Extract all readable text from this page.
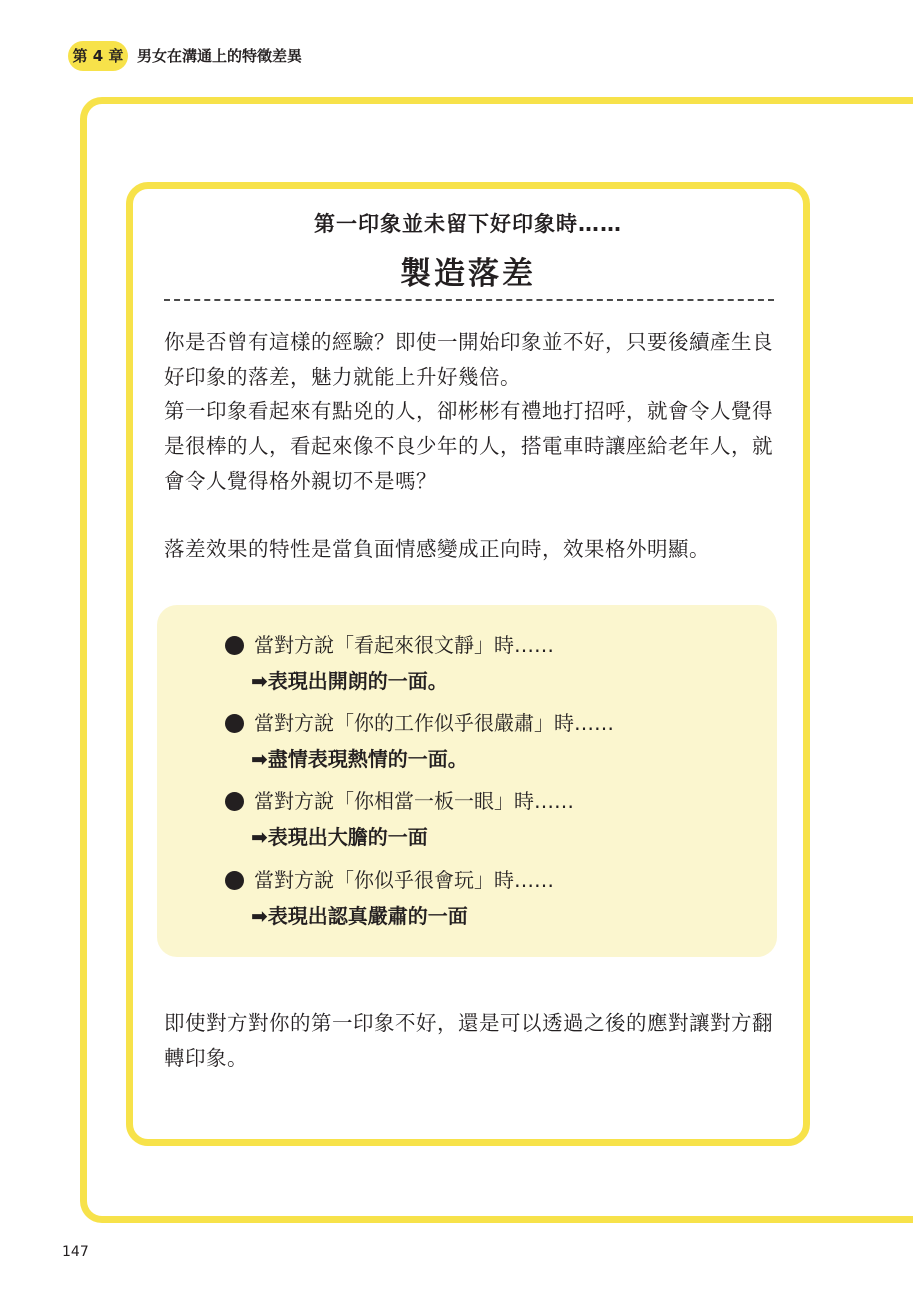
第 4 章 男女在溝通上的特徵差異
第一印象並未留下好印象時……
製造落差

你是否曾有這樣的經驗？即使一開始印象並不好，只要後續產生良好印象的落差，魅力就能上升好幾倍。

第一印象看起來有點兇的人，卻彬彬有禮地打招呼，就會令人覺得是很棒的人，看起來像不良少年的人，搭電車時讓座給老年人，就會令人覺得格外親切不是嗎？

落差效果的特性是當負面情感變成正向時，效果格外明顯。

當對方說「看起來很文靜」時……
➡表現出開朗的一面。
當對方說「你的工作似乎很嚴肅」時……
➡盡情表現熱情的一面。
當對方說「你相當一板一眼」時……
➡表現出大膽的一面
當對方說「你似乎很會玩」時……
➡表現出認真嚴肅的一面

即使對方對你的第一印象不好，還是可以透過之後的應對讓對方翻轉印象。

147
